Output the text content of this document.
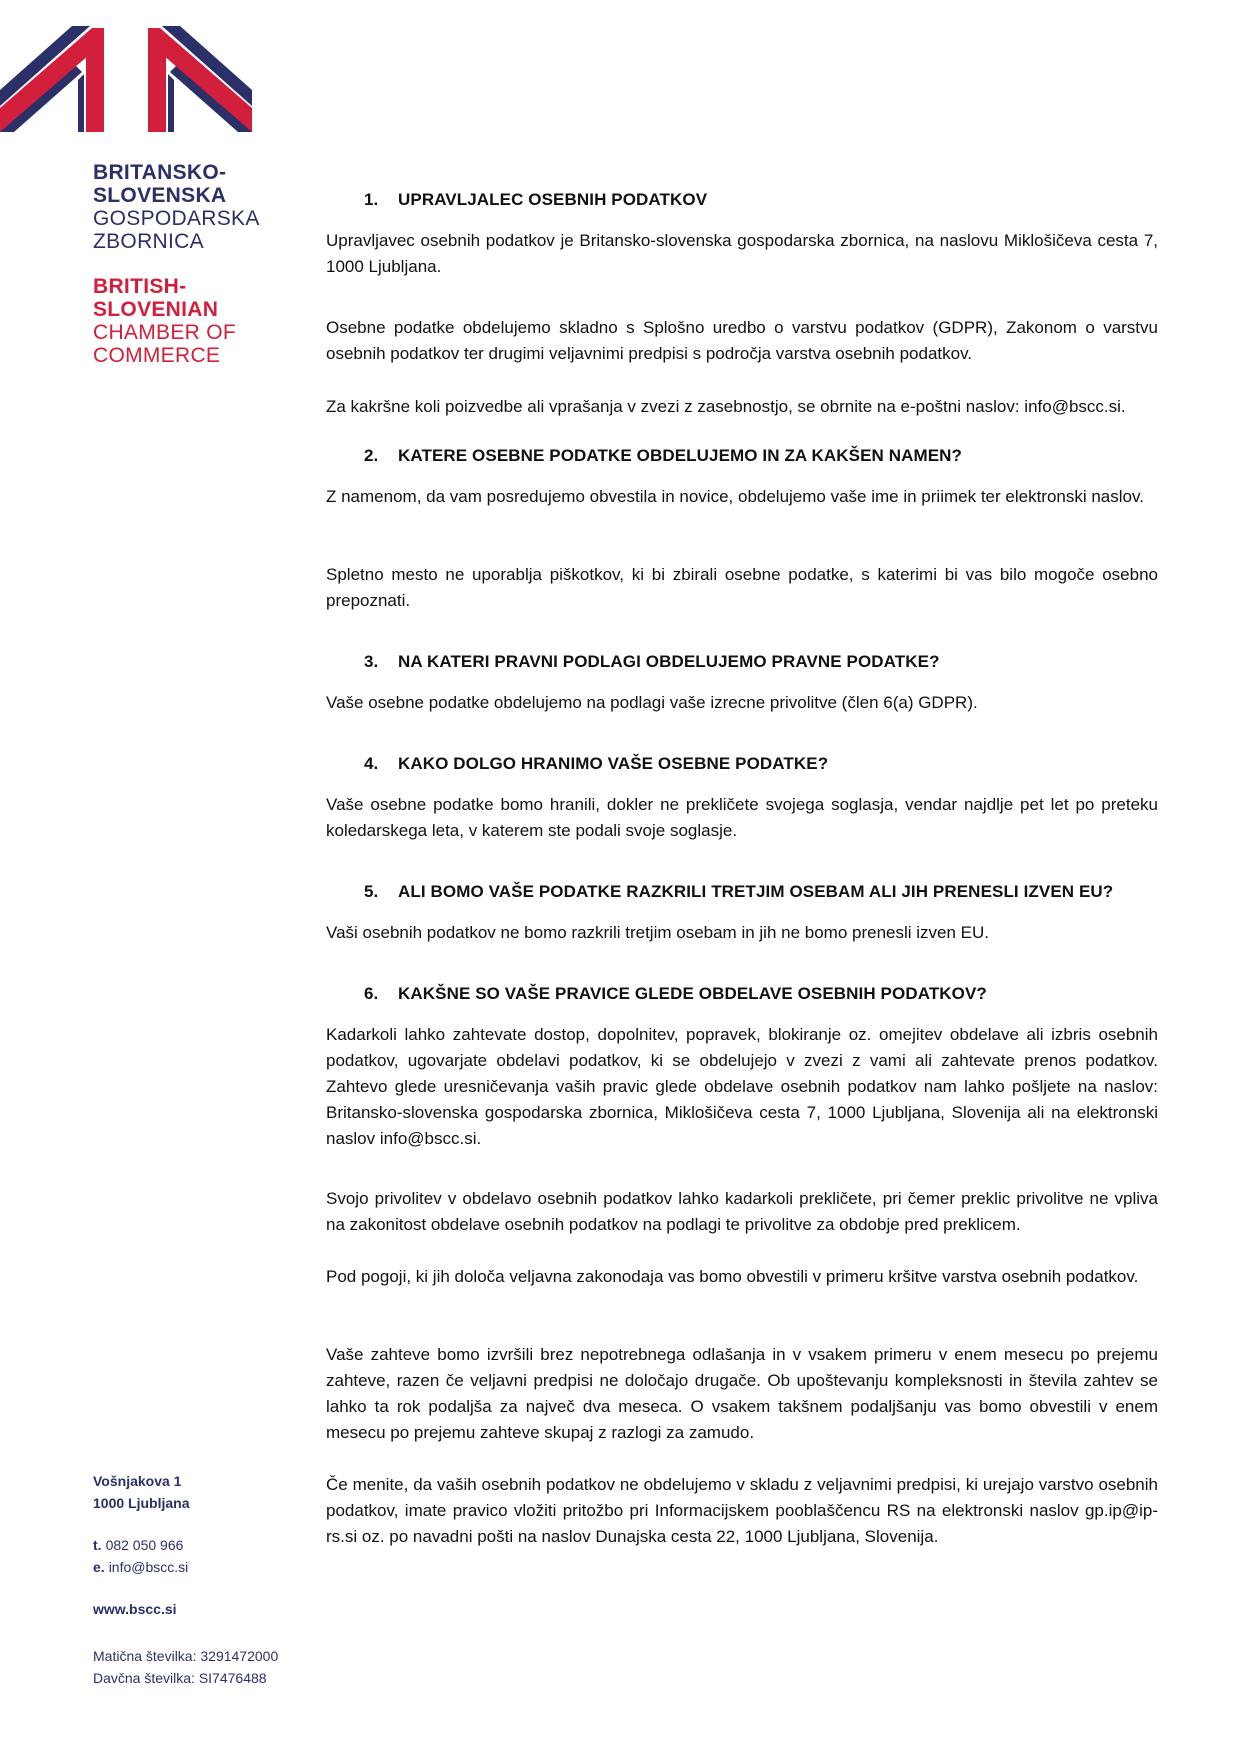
BRITANSKO-
SLOVENSKA
GOSPODARSKA
ZBORNICA
BRITISH-
SLOVENIAN
CHAMBER OF
COMMERCE
Vošnjakova 1
1000 Ljubljana
t. 082 050 966
e. info@bscc.si
www.bscc.si
Matična številka: 3291472000
Davčna številka: SI7476488
1. UPRAVLJALEC OSEBNIH PODATKOV

Upravljavec osebnih podatkov je Britansko-slovenska gospodarska zbornica, na naslovu Miklošičeva cesta 7, 1000 Ljubljana.

Osebne podatke obdelujemo skladno s Splošno uredbo o varstvu podatkov (GDPR), Zakonom o varstvu osebnih podatkov ter drugimi veljavnimi predpisi s področja varstva osebnih podatkov.

Za kakršne koli poizvedbe ali vprašanja v zvezi z zasebnostjo, se obrnite na e-poštni naslov: info@bscc.si.

2. KATERE OSEBNE PODATKE OBDELUJEMO IN ZA KAKŠEN NAMEN?

Z namenom, da vam posredujemo obvestila in novice, obdelujemo vaše ime in priimek ter elektronski naslov.

Spletno mesto ne uporablja piškotkov, ki bi zbirali osebne podatke, s katerimi bi vas bilo mogoče osebno prepoznati.

3. NA KATERI PRAVNI PODLAGI OBDELUJEMO PRAVNE PODATKE?

Vaše osebne podatke obdelujemo na podlagi vaše izrecne privolitve (člen 6(a) GDPR).

4. KAKO DOLGO HRANIMO VAŠE OSEBNE PODATKE?

Vaše osebne podatke bomo hranili, dokler ne prekličete svojega soglasja, vendar najdlje pet let po preteku koledarskega leta, v katerem ste podali svoje soglasje.

5. ALI BOMO VAŠE PODATKE RAZKRILI TRETJIM OSEBAM ALI JIH PRENESLI IZVEN EU?

Vaši osebnih podatkov ne bomo razkrili tretjim osebam in jih ne bomo prenesli izven EU.

6. KAKŠNE SO VAŠE PRAVICE GLEDE OBDELAVE OSEBNIH PODATKOV?

Kadarkoli lahko zahtevate dostop, dopolnitev, popravek, blokiranje oz. omejitev obdelave ali izbris osebnih podatkov, ugovarjate obdelavi podatkov, ki se obdelujejo v zvezi z vami ali zahtevate prenos podatkov. Zahtevo glede uresničevanja vaših pravic glede obdelave osebnih podatkov nam lahko pošljete na naslov: Britansko-slovenska gospodarska zbornica, Miklošičeva cesta 7, 1000 Ljubljana, Slovenija ali na elektronski naslov info@bscc.si.

Svojo privolitev v obdelavo osebnih podatkov lahko kadarkoli prekličete, pri čemer preklic privolitve ne vpliva na zakonitost obdelave osebnih podatkov na podlagi te privolitve za obdobje pred preklicem.

Pod pogoji, ki jih določa veljavna zakonodaja vas bomo obvestili v primeru kršitve varstva osebnih podatkov.

Vaše zahteve bomo izvršili brez nepotrebnega odlašanja in v vsakem primeru v enem mesecu po prejemu zahteve, razen če veljavni predpisi ne določajo drugače. Ob upoštevanju kompleksnosti in števila zahtev se lahko ta rok podaljša za največ dva meseca. O vsakem takšnem podaljšanju vas bomo obvestili v enem mesecu po prejemu zahteve skupaj z razlogi za zamudo.

Če menite, da vaših osebnih podatkov ne obdelujemo v skladu z veljavnimi predpisi, ki urejajo varstvo osebnih podatkov, imate pravico vložiti pritožbo pri Informacijskem pooblaščencu RS na elektronski naslov gp.ip@ip-rs.si oz. po navadni pošti na naslov Dunajska cesta 22, 1000 Ljubljana, Slovenija.
